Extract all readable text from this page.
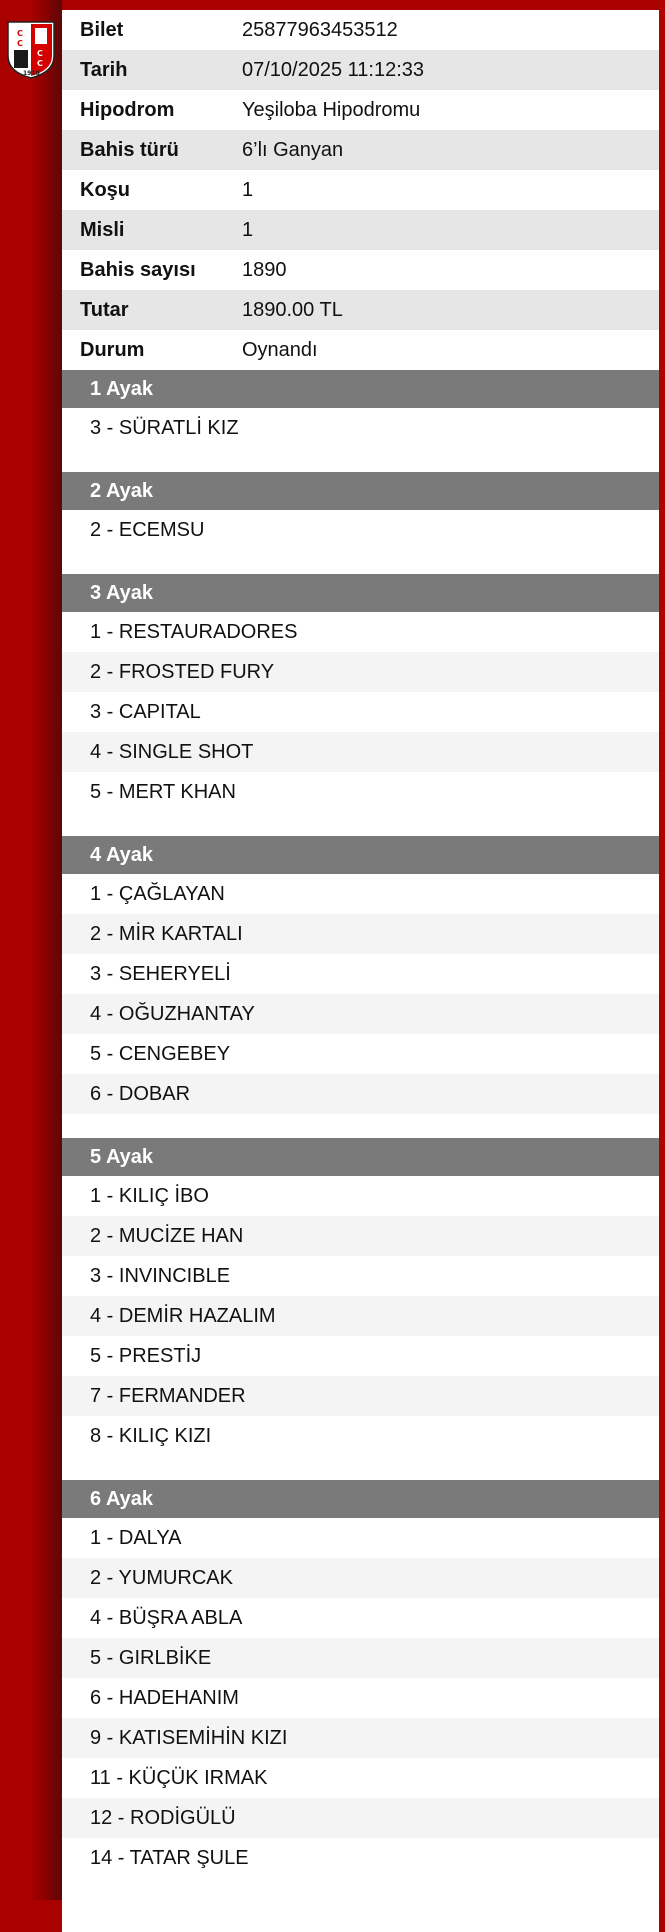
C
C
C
C
1910
Bilet	25877963453512
Tarih	07/10/2025 11:12:33
Hipodrom	Yeşiloba Hipodromu
Bahis türü	6’lı Ganyan
Koşu	1
Misli	1
Bahis sayısı	1890
Tutar	1890.00 TL
Durum	Oynandı
1 Ayak
3 - SÜRATLİ KIZ
2 Ayak
2 - ECEMSU
3 Ayak
1 - RESTAURADORES
2 - FROSTED FURY
3 - CAPITAL
4 - SINGLE SHOT
5 - MERT KHAN
4 Ayak
1 - ÇAĞLAYAN
2 - MİR KARTALI
3 - SEHERYELİ
4 - OĞUZHANTAY
5 - CENGEBEY
6 - DOBAR
5 Ayak
1 - KILIÇ İBO
2 - MUCİZE HAN
3 - INVINCIBLE
4 - DEMİR HAZALIM
5 - PRESTİJ
7 - FERMANDER
8 - KILIÇ KIZI
6 Ayak
1 - DALYA
2 - YUMURCAK
4 - BÜŞRA ABLA
5 - GIRLBİKE
6 - HADEHANIM
9 - KATISEMİHİN KIZI
11 - KÜÇÜK IRMAK
12 - RODİGÜLÜ
14 - TATAR ŞULE
